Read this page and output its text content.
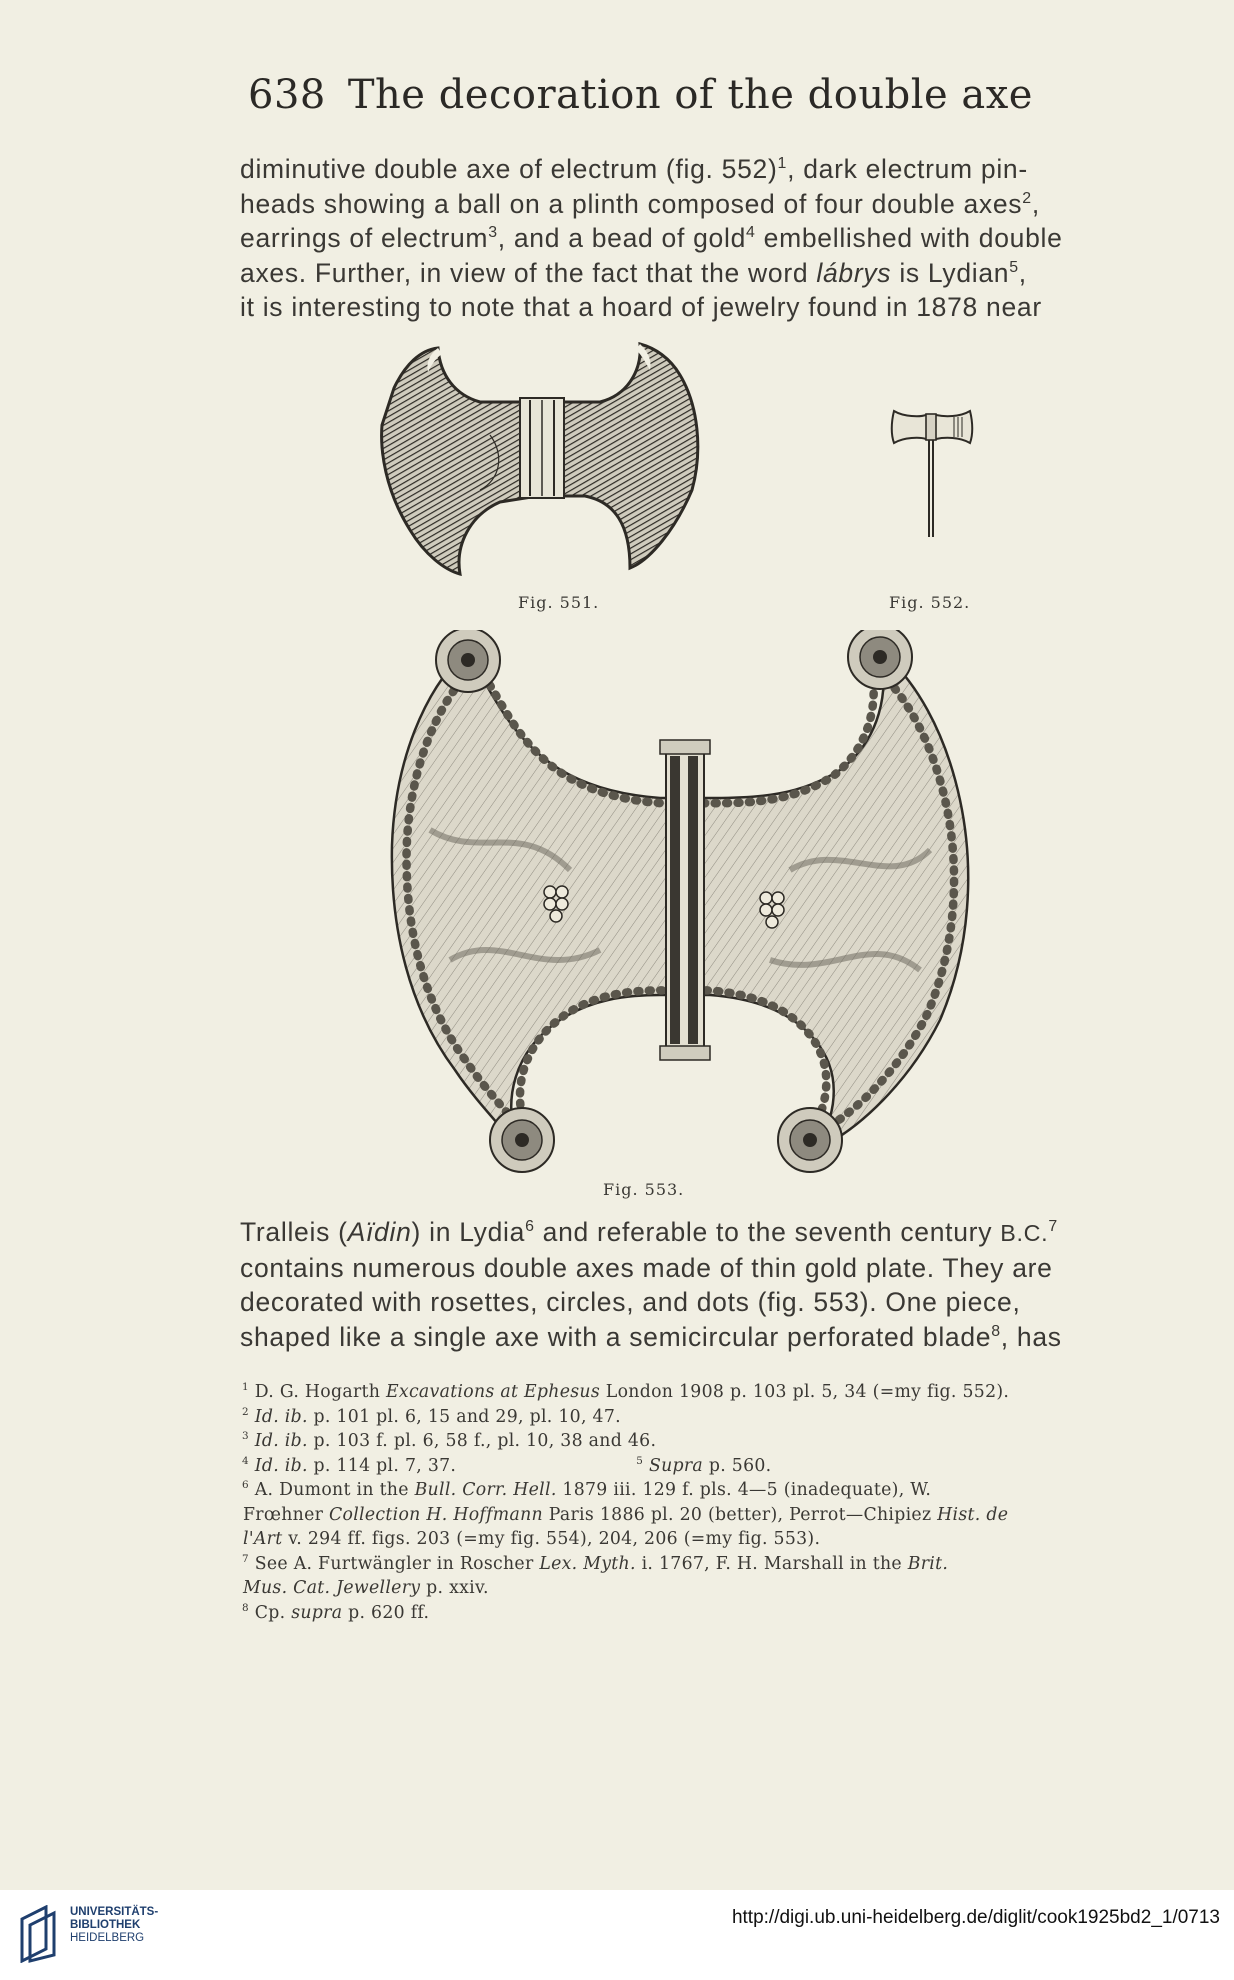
638 The decoration of the double axe
diminutive double axe of electrum (fig. 552)$^1$, dark electrum pin-
heads showing a ball on a plinth composed of four double axes$^2$,
earrings of electrum$^3$, and a bead of gold$^4$ embellished with double
axes. Further, in view of the fact that the word lábrys is Lydian$^5$,
it is interesting to note that a hoard of jewelry found in 1878 near
Fig. 551.	Fig. 552.
Fig. 553.
Tralleis (Aïdin) in Lydia$^6$ and referable to the seventh century B.C.$^7$
contains numerous double axes made of thin gold plate. They are
decorated with rosettes, circles, and dots (fig. 553). One piece,
shaped like a single axe with a semicircular perforated blade$^8$, has
$^1$ D. G. Hogarth Excavations at Ephesus London 1908 p. 103 pl. 5, 34 (=my fig. 552).
$^2$ Id. ib. p. 101 pl. 6, 15 and 29, pl. 10, 47.
$^3$ Id. ib. p. 103 f. pl. 6, 58 f., pl. 10, 38 and 46.
$^4$ Id. ib. p. 114 pl. 7, 37.	$^5$ Supra p. 560.
$^6$ A. Dumont in the Bull. Corr. Hell. 1879 iii. 129 f. pls. 4—5 (inadequate), W.
Frœhner Collection H. Hoffmann Paris 1886 pl. 20 (better), Perrot—Chipiez Hist. de
l'Art v. 294 ff. figs. 203 (=my fig. 554), 204, 206 (=my fig. 553).
$^7$ See A. Furtwängler in Roscher Lex. Myth. i. 1767, F. H. Marshall in the Brit.
Mus. Cat. Jewellery p. xxiv.
$^8$ Cp. supra p. 620 ff.
UNIVERSITÄTS-
BIBLIOTHEK
HEIDELBERG
http://digi.ub.uni-heidelberg.de/diglit/cook1925bd2_1/0713
